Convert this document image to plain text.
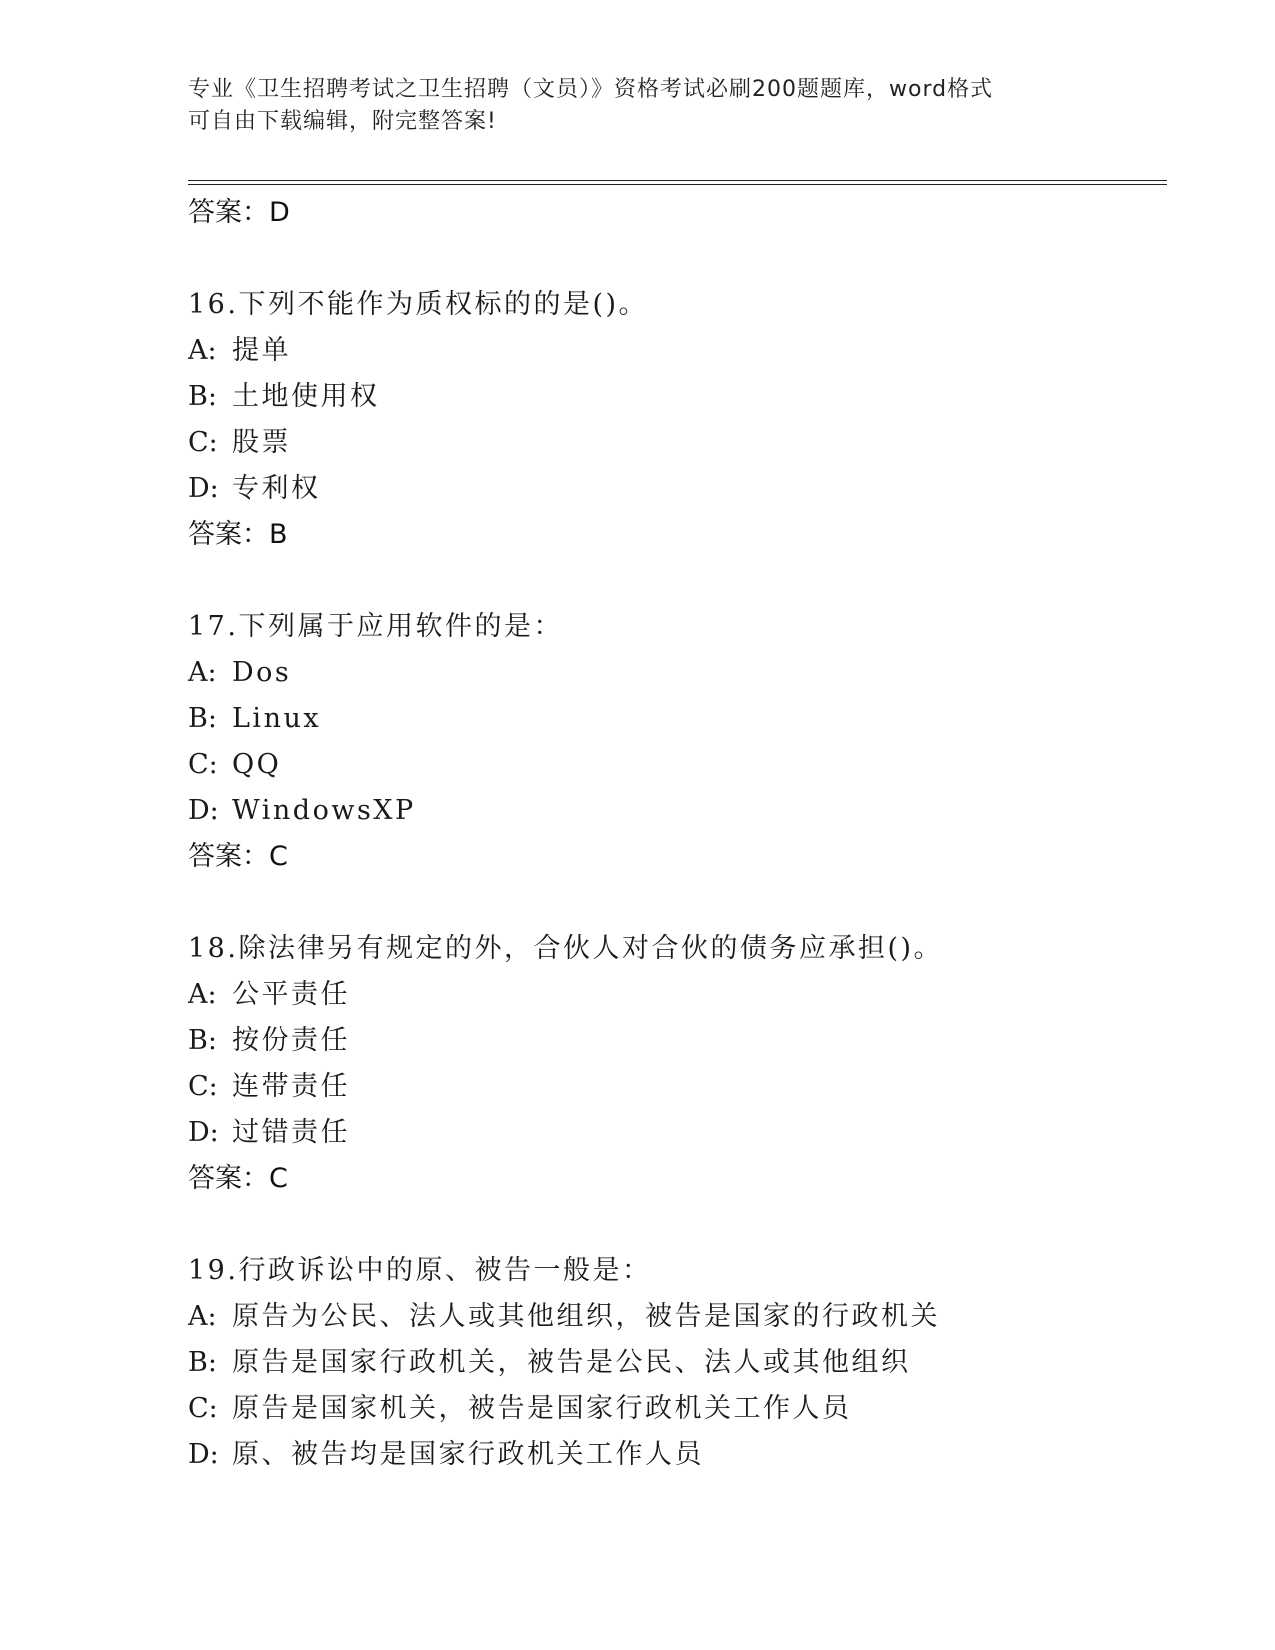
专业《卫生招聘考试之卫生招聘（文员）》资格考试必刷200题题库，word格式
可自由下载编辑，附完整答案!

答案：D

16.下列不能作为质权标的的是()。

A: 提单

B: 土地使用权

C: 股票

D: 专利权

答案：B

17.下列属于应用软件的是：

A: Dos

B: Linux

C: QQ

D: WindowsXP

答案：C

18.除法律另有规定的外，合伙人对合伙的债务应承担()。

A: 公平责任

B: 按份责任

C: 连带责任

D: 过错责任

答案：C

19.行政诉讼中的原、被告一般是：

A: 原告为公民、法人或其他组织，被告是国家的行政机关

B: 原告是国家行政机关，被告是公民、法人或其他组织

C: 原告是国家机关，被告是国家行政机关工作人员

D: 原、被告均是国家行政机关工作人员
